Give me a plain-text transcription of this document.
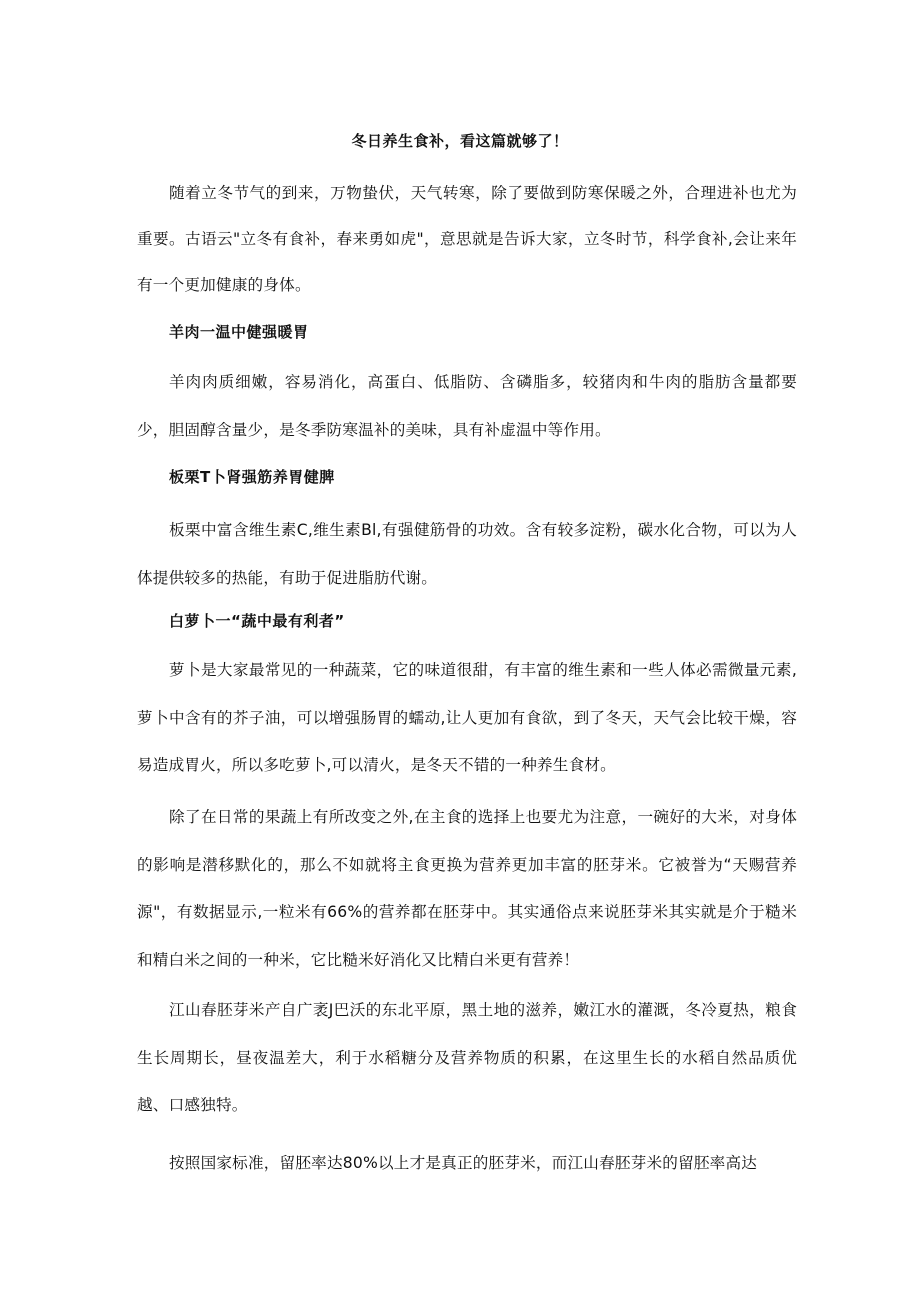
冬日养生食补，看这篇就够了！

随着立冬节气的到来，万物蛰伏，天气转寒，除了要做到防寒保暖之外，合理进补也尤为重要。古语云"立冬有食补，春来勇如虎"，意思就是告诉大家，立冬时节，科学食补,会让来年有一个更加健康的身体。

羊肉一温中健强暖胃

羊肉肉质细嫩，容易消化，高蛋白、低脂防、含磷脂多，较猪肉和牛肉的脂肪含量都要少，胆固醇含量少，是冬季防寒温补的美味，具有补虚温中等作用。

板栗T卜肾强筋养胃健脾

板栗中富含维生素C,维生素Bl,有强健筋骨的功效。含有较多淀粉，碳水化合物，可以为人体提供较多的热能，有助于促进脂肪代谢。

白萝卜一“蔬中最有利者”

萝卜是大家最常见的一种蔬菜，它的味道很甜，有丰富的维生素和一些人体必需微量元素,萝卜中含有的芥子油，可以增强肠胃的蠕动,让人更加有食欲，到了冬天，天气会比较干燥，容易造成胃火，所以多吃萝卜,可以清火，是冬天不错的一种养生食材。

除了在日常的果蔬上有所改变之外,在主食的选择上也要尤为注意，一碗好的大米，对身体的影响是潜移默化的，那么不如就将主食更换为营养更加丰富的胚芽米。它被誉为“天赐营养源"，有数据显示,一粒米有66%的营养都在胚芽中。其实通俗点来说胚芽米其实就是介于糙米和精白米之间的一种米，它比糙米好消化又比精白米更有营养！

江山春胚芽米产自广袤J巴沃的东北平原，黑土地的滋养，嫩江水的灌溉，冬冷夏热，粮食生长周期长，昼夜温差大，利于水稻糖分及营养物质的积累，在这里生长的水稻自然品质优越、口感独特。

按照国家标准，留胚率达80%以上才是真正的胚芽米，而江山春胚芽米的留胚率高达
